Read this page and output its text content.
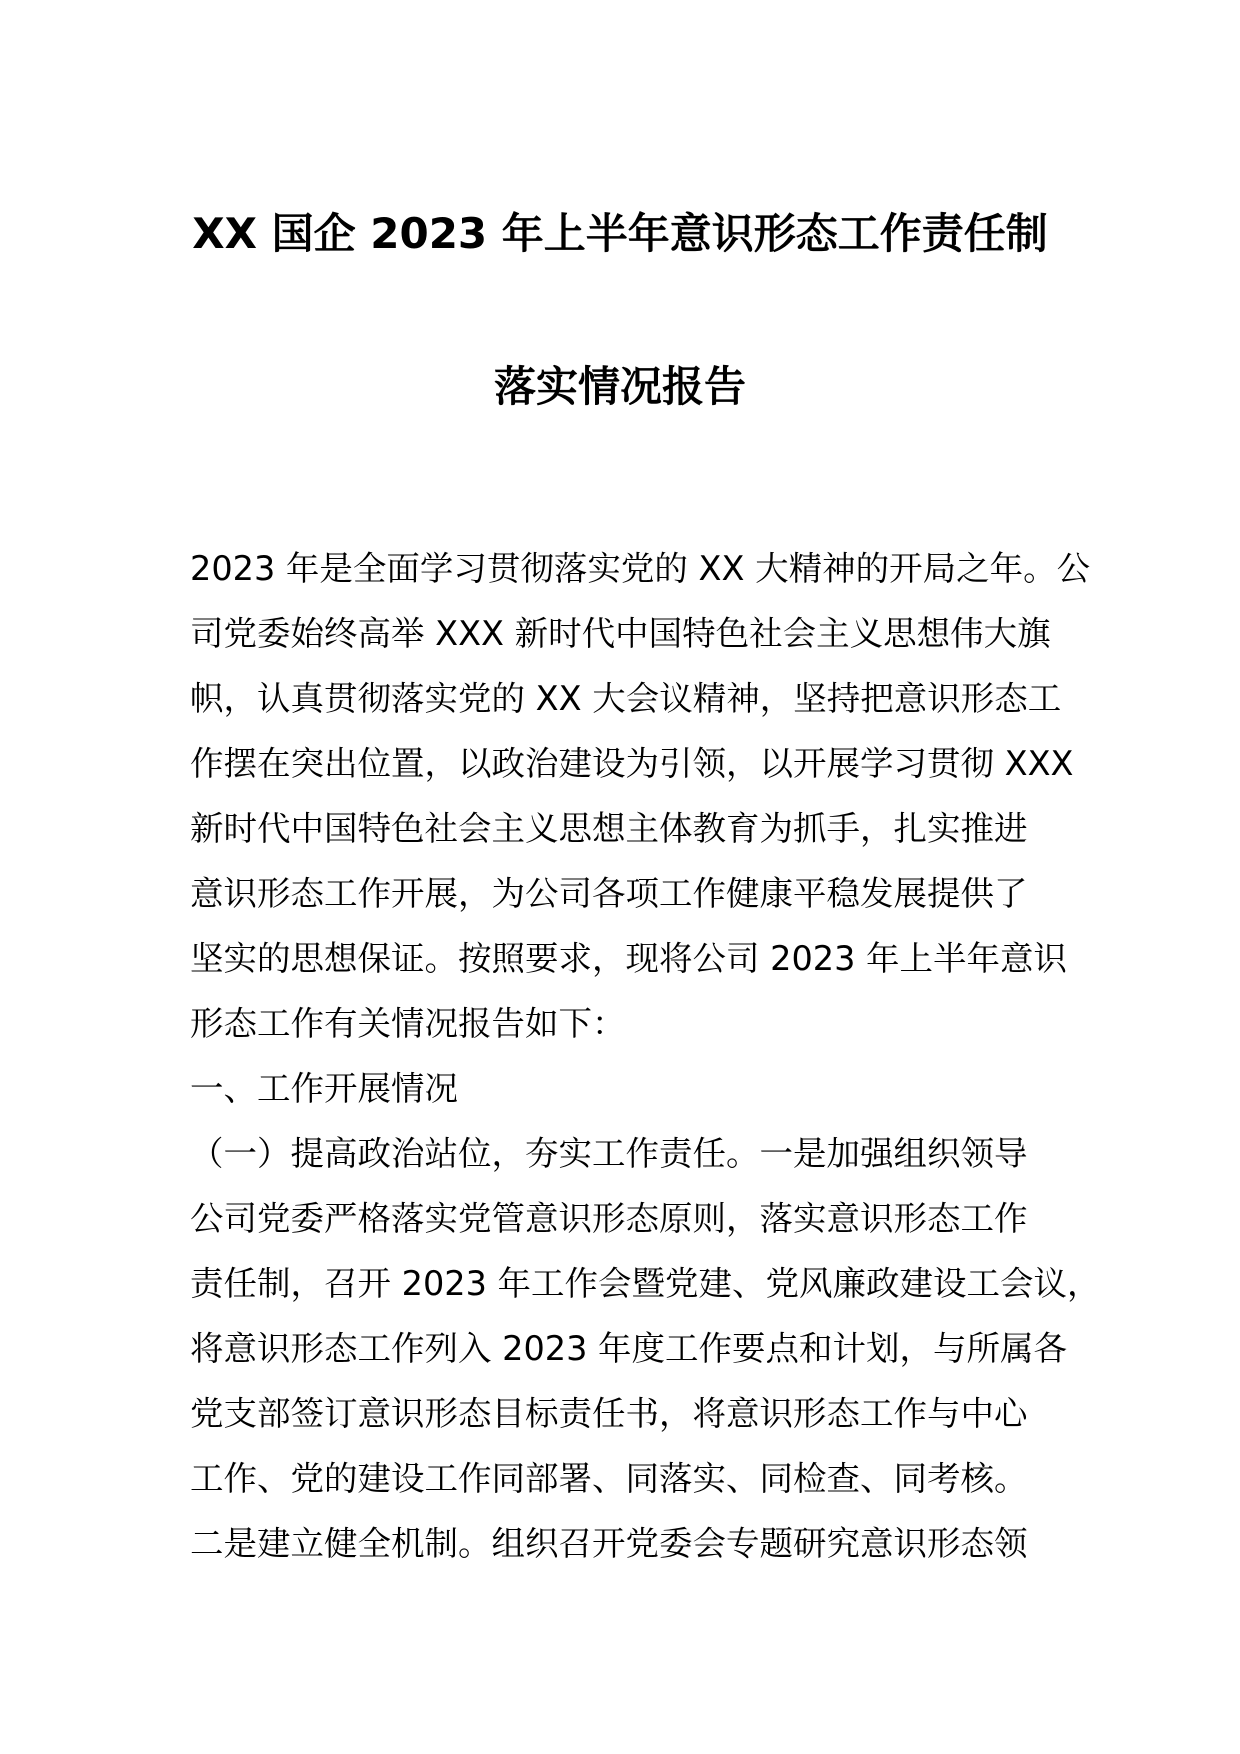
XX 国企 2023 年上半年意识形态工作责任制
落实情况报告

2023 年是全面学习贯彻落实党的 XX 大精神的开局之年。公

司党委始终高举 XXX 新时代中国特色社会主义思想伟大旗

帜，认真贯彻落实党的 XX 大会议精神，坚持把意识形态工

作摆在突出位置，以政治建设为引领，以开展学习贯彻 XXX

新时代中国特色社会主义思想主体教育为抓手，扎实推进

意识形态工作开展，为公司各项工作健康平稳发展提供了

坚实的思想保证。按照要求，现将公司 2023 年上半年意识

形态工作有关情况报告如下：

一、工作开展情况

（一）提高政治站位，夯实工作责任。一是加强组织领导

公司党委严格落实党管意识形态原则，落实意识形态工作

责任制，召开 2023 年工作会暨党建、党风廉政建设工会议，

将意识形态工作列入 2023 年度工作要点和计划，与所属各

党支部签订意识形态目标责任书，将意识形态工作与中心

工作、党的建设工作同部署、同落实、同检查、同考核。

二是建立健全机制。组织召开党委会专题研究意识形态领
